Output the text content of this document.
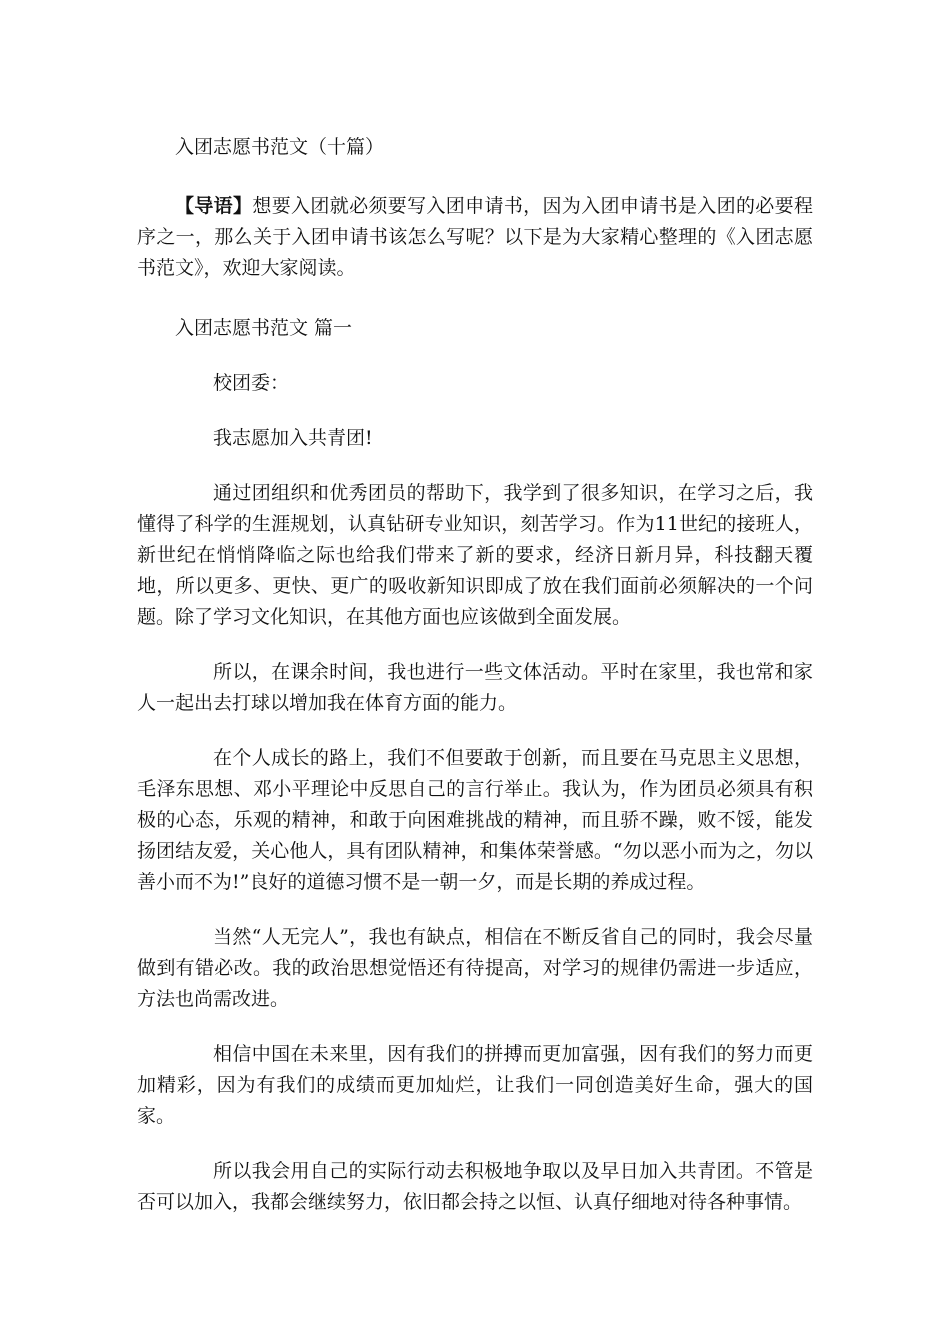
入团志愿书范文（十篇）

【导语】想要入团就必须要写入团申请书，因为入团申请书是入团的必要程序之一，那么关于入团申请书该怎么写呢？以下是为大家精心整理的《入团志愿书范文》，欢迎大家阅读。

入团志愿书范文 篇一

校团委：

我志愿加入共青团!

通过团组织和优秀团员的帮助下，我学到了很多知识，在学习之后，我懂得了科学的生涯规划，认真钻研专业知识，刻苦学习。作为11世纪的接班人，新世纪在悄悄降临之际也给我们带来了新的要求，经济日新月异，科技翻天覆地，所以更多、更快、更广的吸收新知识即成了放在我们面前必须解决的一个问题。除了学习文化知识，在其他方面也应该做到全面发展。

所以，在课余时间，我也进行一些文体活动。平时在家里，我也常和家人一起出去打球以增加我在体育方面的能力。

在个人成长的路上，我们不但要敢于创新，而且要在马克思主义思想，毛泽东思想、邓小平理论中反思自己的言行举止。我认为，作为团员必须具有积极的心态，乐观的精神，和敢于向困难挑战的精神，而且骄不躁，败不馁，能发扬团结友爱，关心他人，具有团队精神，和集体荣誉感。“勿以恶小而为之，勿以善小而不为!”良好的道德习惯不是一朝一夕，而是长期的养成过程。

当然“人无完人”，我也有缺点，相信在不断反省自己的同时，我会尽量做到有错必改。我的政治思想觉悟还有待提高，对学习的规律仍需进一步适应，方法也尚需改进。

相信中国在未来里，因有我们的拼搏而更加富强，因有我们的努力而更加精彩，因为有我们的成绩而更加灿烂，让我们一同创造美好生命，强大的国家。

所以我会用自己的实际行动去积极地争取以及早日加入共青团。不管是否可以加入，我都会继续努力，依旧都会持之以恒、认真仔细地对待各种事情。
